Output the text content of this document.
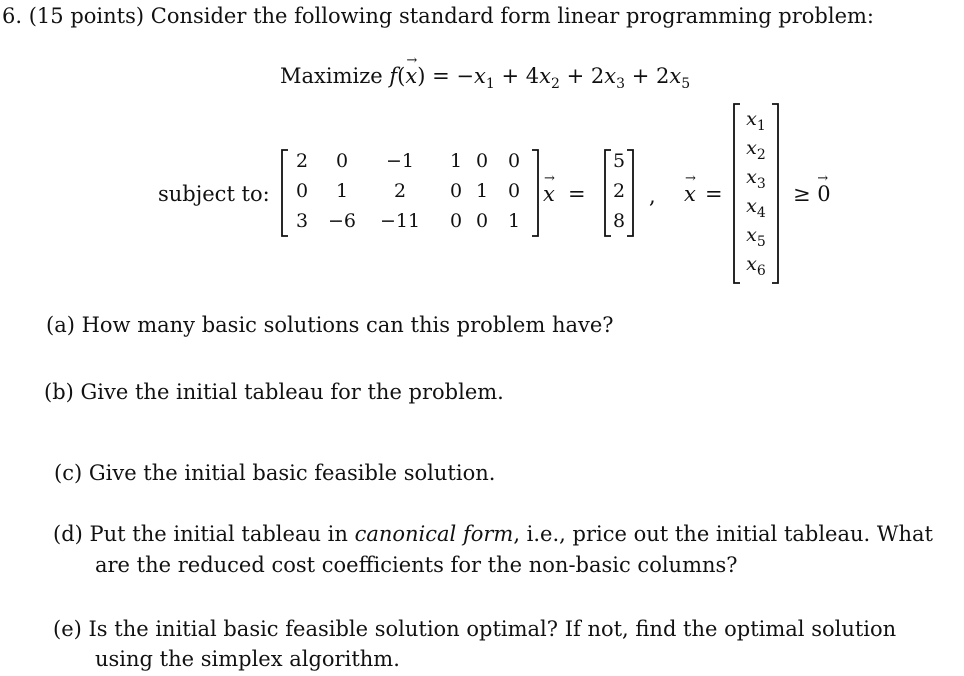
6. (15 points) Consider the following standard form linear programming problem:
Maximize f(x
→
) = $-x_1 + 4x_2 + 2x_3 + 2x_5$
subject to:
2	0	−1	1 0 0
0	1	2	0 1 0
3	−6	−11	0 0 1
x
→
=
5
2
8
, x
→
=
$x_1$
$x_2$
$x_3$
$x_4$
$x_5$
$x_6$
≥ 0
→
(a) How many basic solutions can this problem have?
(b) Give the initial tableau for the problem.
(c) Give the initial basic feasible solution.
(d) Put the initial tableau in canonical form, i.e., price out the initial tableau. What
are the reduced cost coefficients for the non-basic columns?
(e) Is the initial basic feasible solution optimal? If not, find the optimal solution
using the simplex algorithm.
